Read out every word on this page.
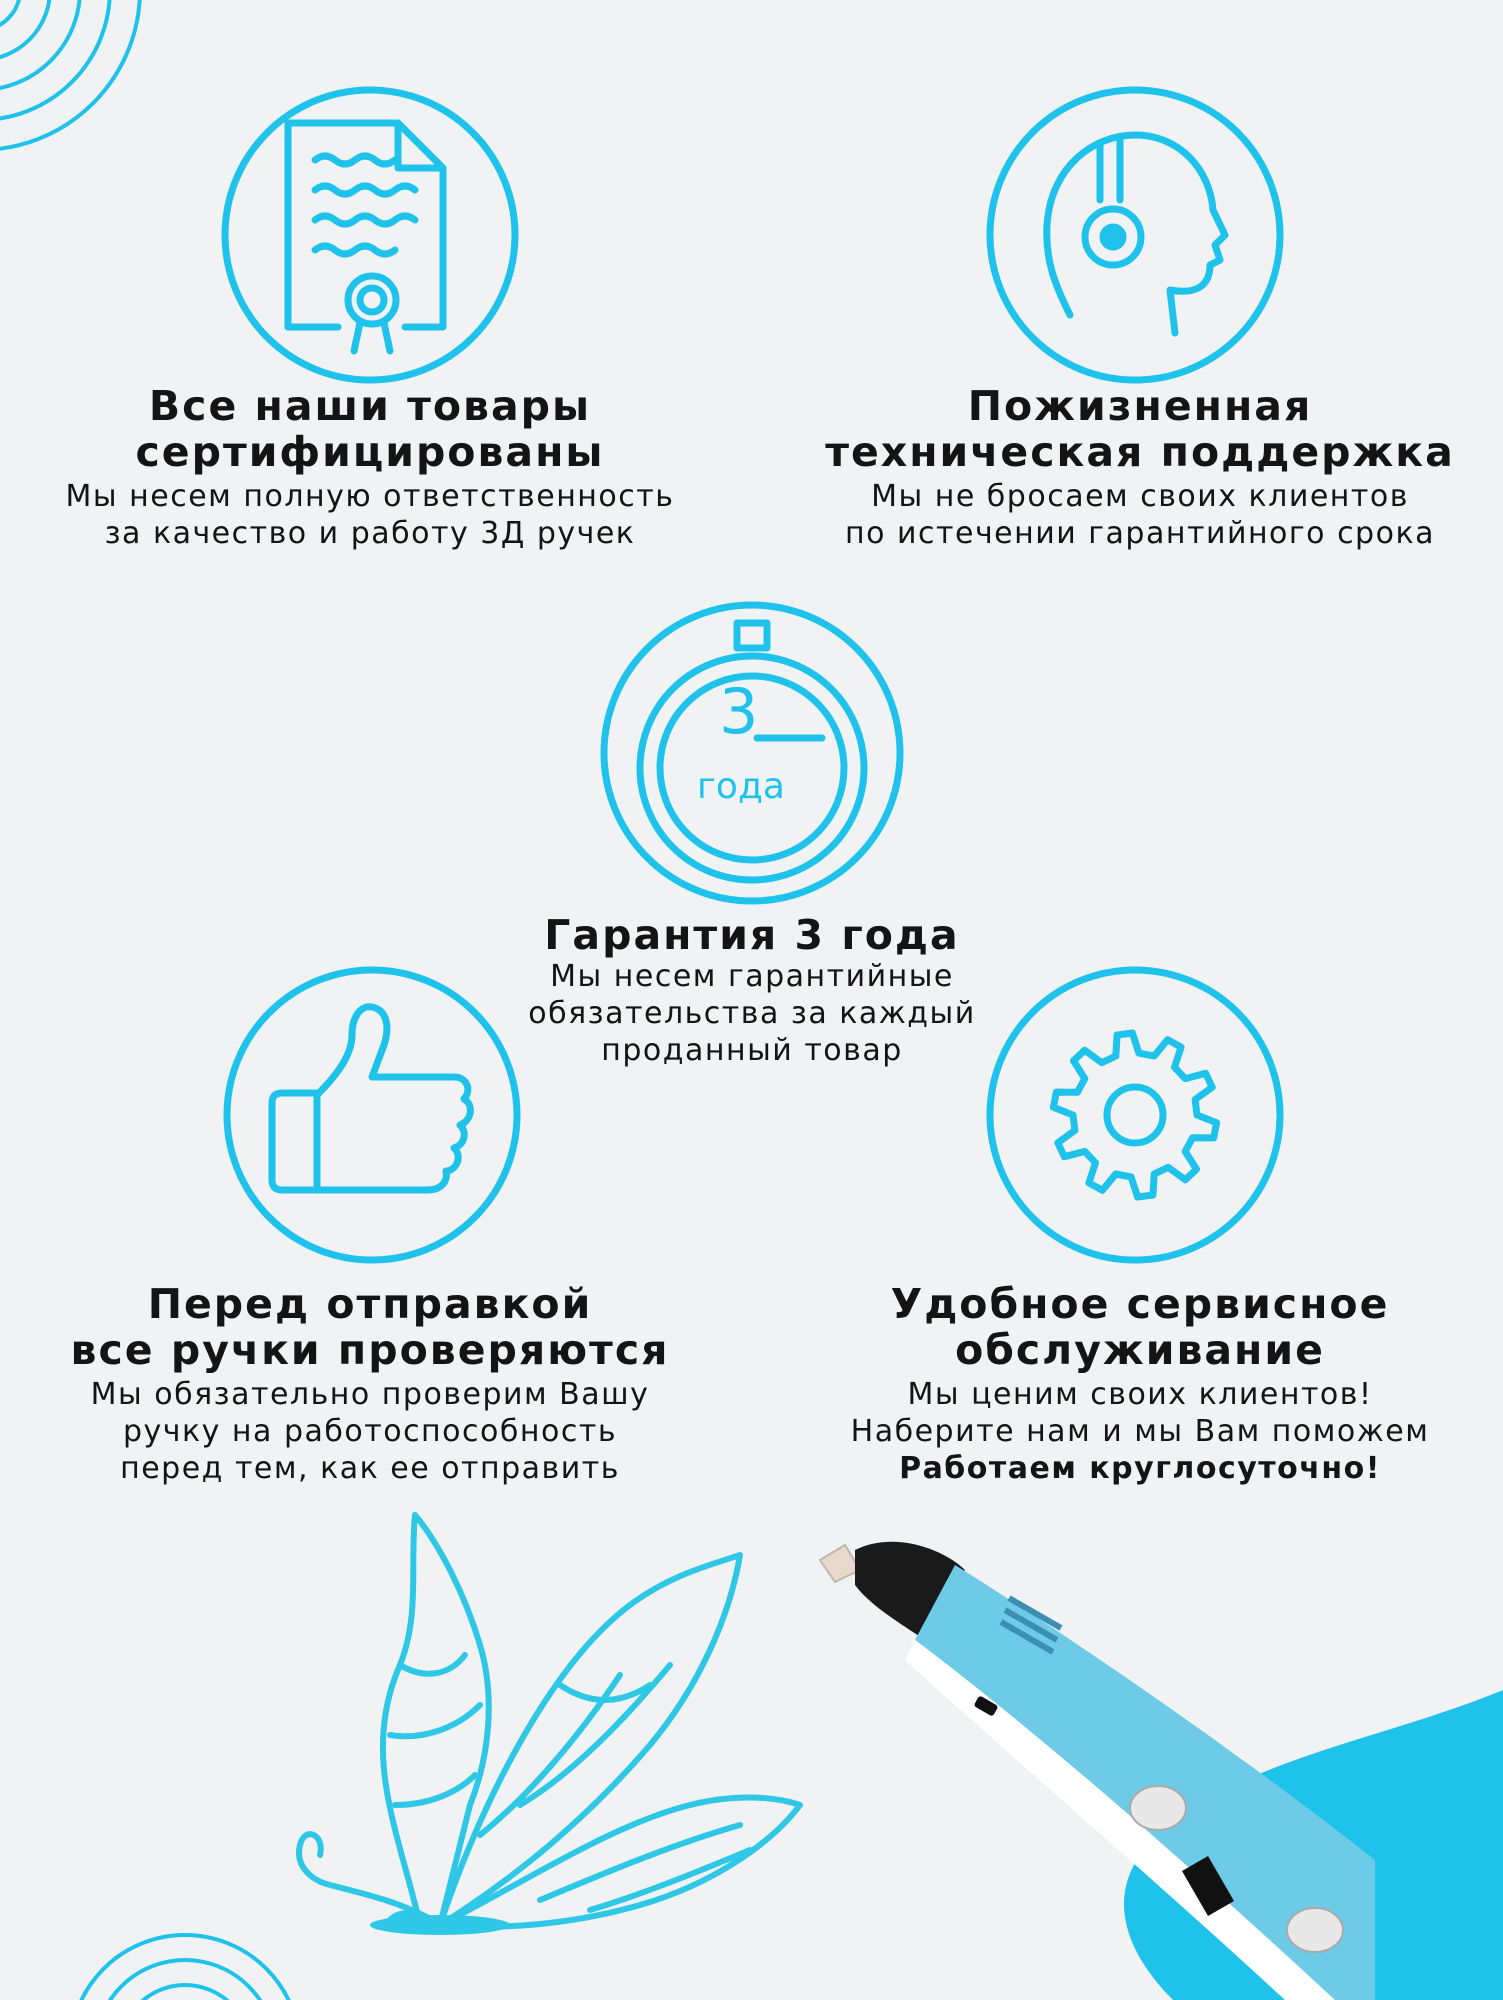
Все наши товары
сертифицированы

Мы несем полную ответственность
за качество и работу 3Д ручек

Пожизненная
техническая поддержка

Мы не бросаем своих клиентов
по истечении гарантийного срока

3
года
Гарантия 3 года

Мы несем гарантийные
обязательства за каждый
проданный товар

Перед отправкой
все ручки проверяются

Мы обязательно проверим Вашу
ручку на работоспособность
перед тем, как ее отправить

Удобное сервисное
обслуживание

Мы ценим своих клиентов!
Наберите нам и мы Вам поможем
Работаем круглосуточно!
